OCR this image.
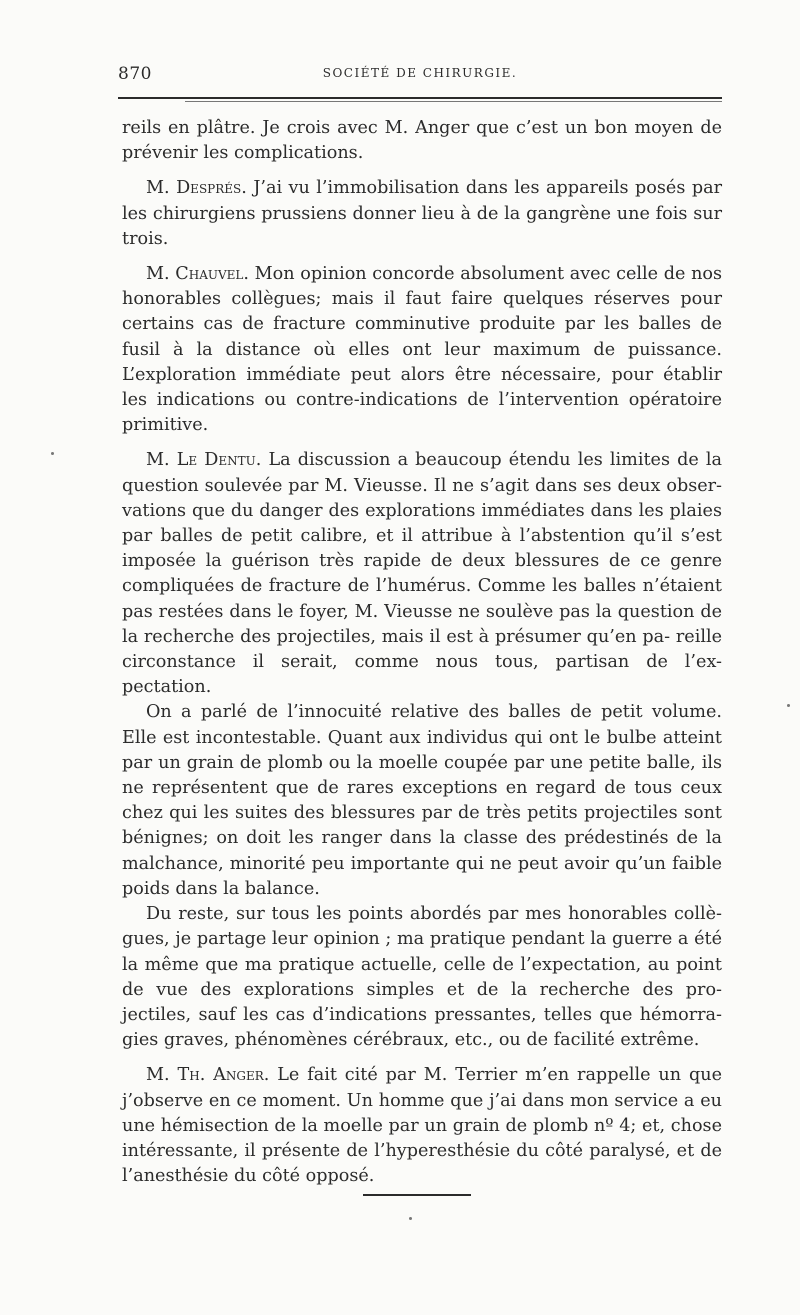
870	SOCIÉTÉ DE CHIRURGIE.

reils en plâtre. Je crois avec M. Anger que c’est un bon moyen de prévenir les complications.

M. Després. J’ai vu l’immobilisation dans les appareils posés par les chirurgiens prussiens donner lieu à de la gangrène une fois sur trois.

M. Chauvel. Mon opinion concorde absolument avec celle de nos honorables collègues; mais il faut faire quelques réserves pour certains cas de fracture comminutive produite par les balles de fusil à la distance où elles ont leur maximum de puissance. L’exploration immédiate peut alors être nécessaire, pour établir les indications ou contre-indications de l’intervention opératoire primitive.

M. Le Dentu. La discussion a beaucoup étendu les limites de la question soulevée par M. Vieusse. Il ne s’agit dans ses deux obser- vations que du danger des explorations immédiates dans les plaies par balles de petit calibre, et il attribue à l’abstention qu’il s’est imposée la guérison très rapide de deux blessures de ce genre compliquées de fracture de l’humérus. Comme les balles n’étaient pas restées dans le foyer, M. Vieusse ne soulève pas la question de la recherche des projectiles, mais il est à présumer qu’en pa- reille circonstance il serait, comme nous tous, partisan de l’ex- pectation.

On a parlé de l’innocuité relative des balles de petit volume. Elle est incontestable. Quant aux individus qui ont le bulbe atteint par un grain de plomb ou la moelle coupée par une petite balle, ils ne représentent que de rares exceptions en regard de tous ceux chez qui les suites des blessures par de très petits projectiles sont bénignes; on doit les ranger dans la classe des prédestinés de la malchance, minorité peu importante qui ne peut avoir qu’un faible poids dans la balance.

Du reste, sur tous les points abordés par mes honorables collè- gues, je partage leur opinion ; ma pratique pendant la guerre a été la même que ma pratique actuelle, celle de l’expectation, au point de vue des explorations simples et de la recherche des pro- jectiles, sauf les cas d’indications pressantes, telles que hémorra- gies graves, phénomènes cérébraux, etc., ou de facilité extrême.

M. Th. Anger. Le fait cité par M. Terrier m’en rappelle un que j’observe en ce moment. Un homme que j’ai dans mon service a eu une hémisection de la moelle par un grain de plomb nº 4; et, chose intéressante, il présente de l’hyperesthésie du côté paralysé, et de l’anesthésie du côté opposé.
